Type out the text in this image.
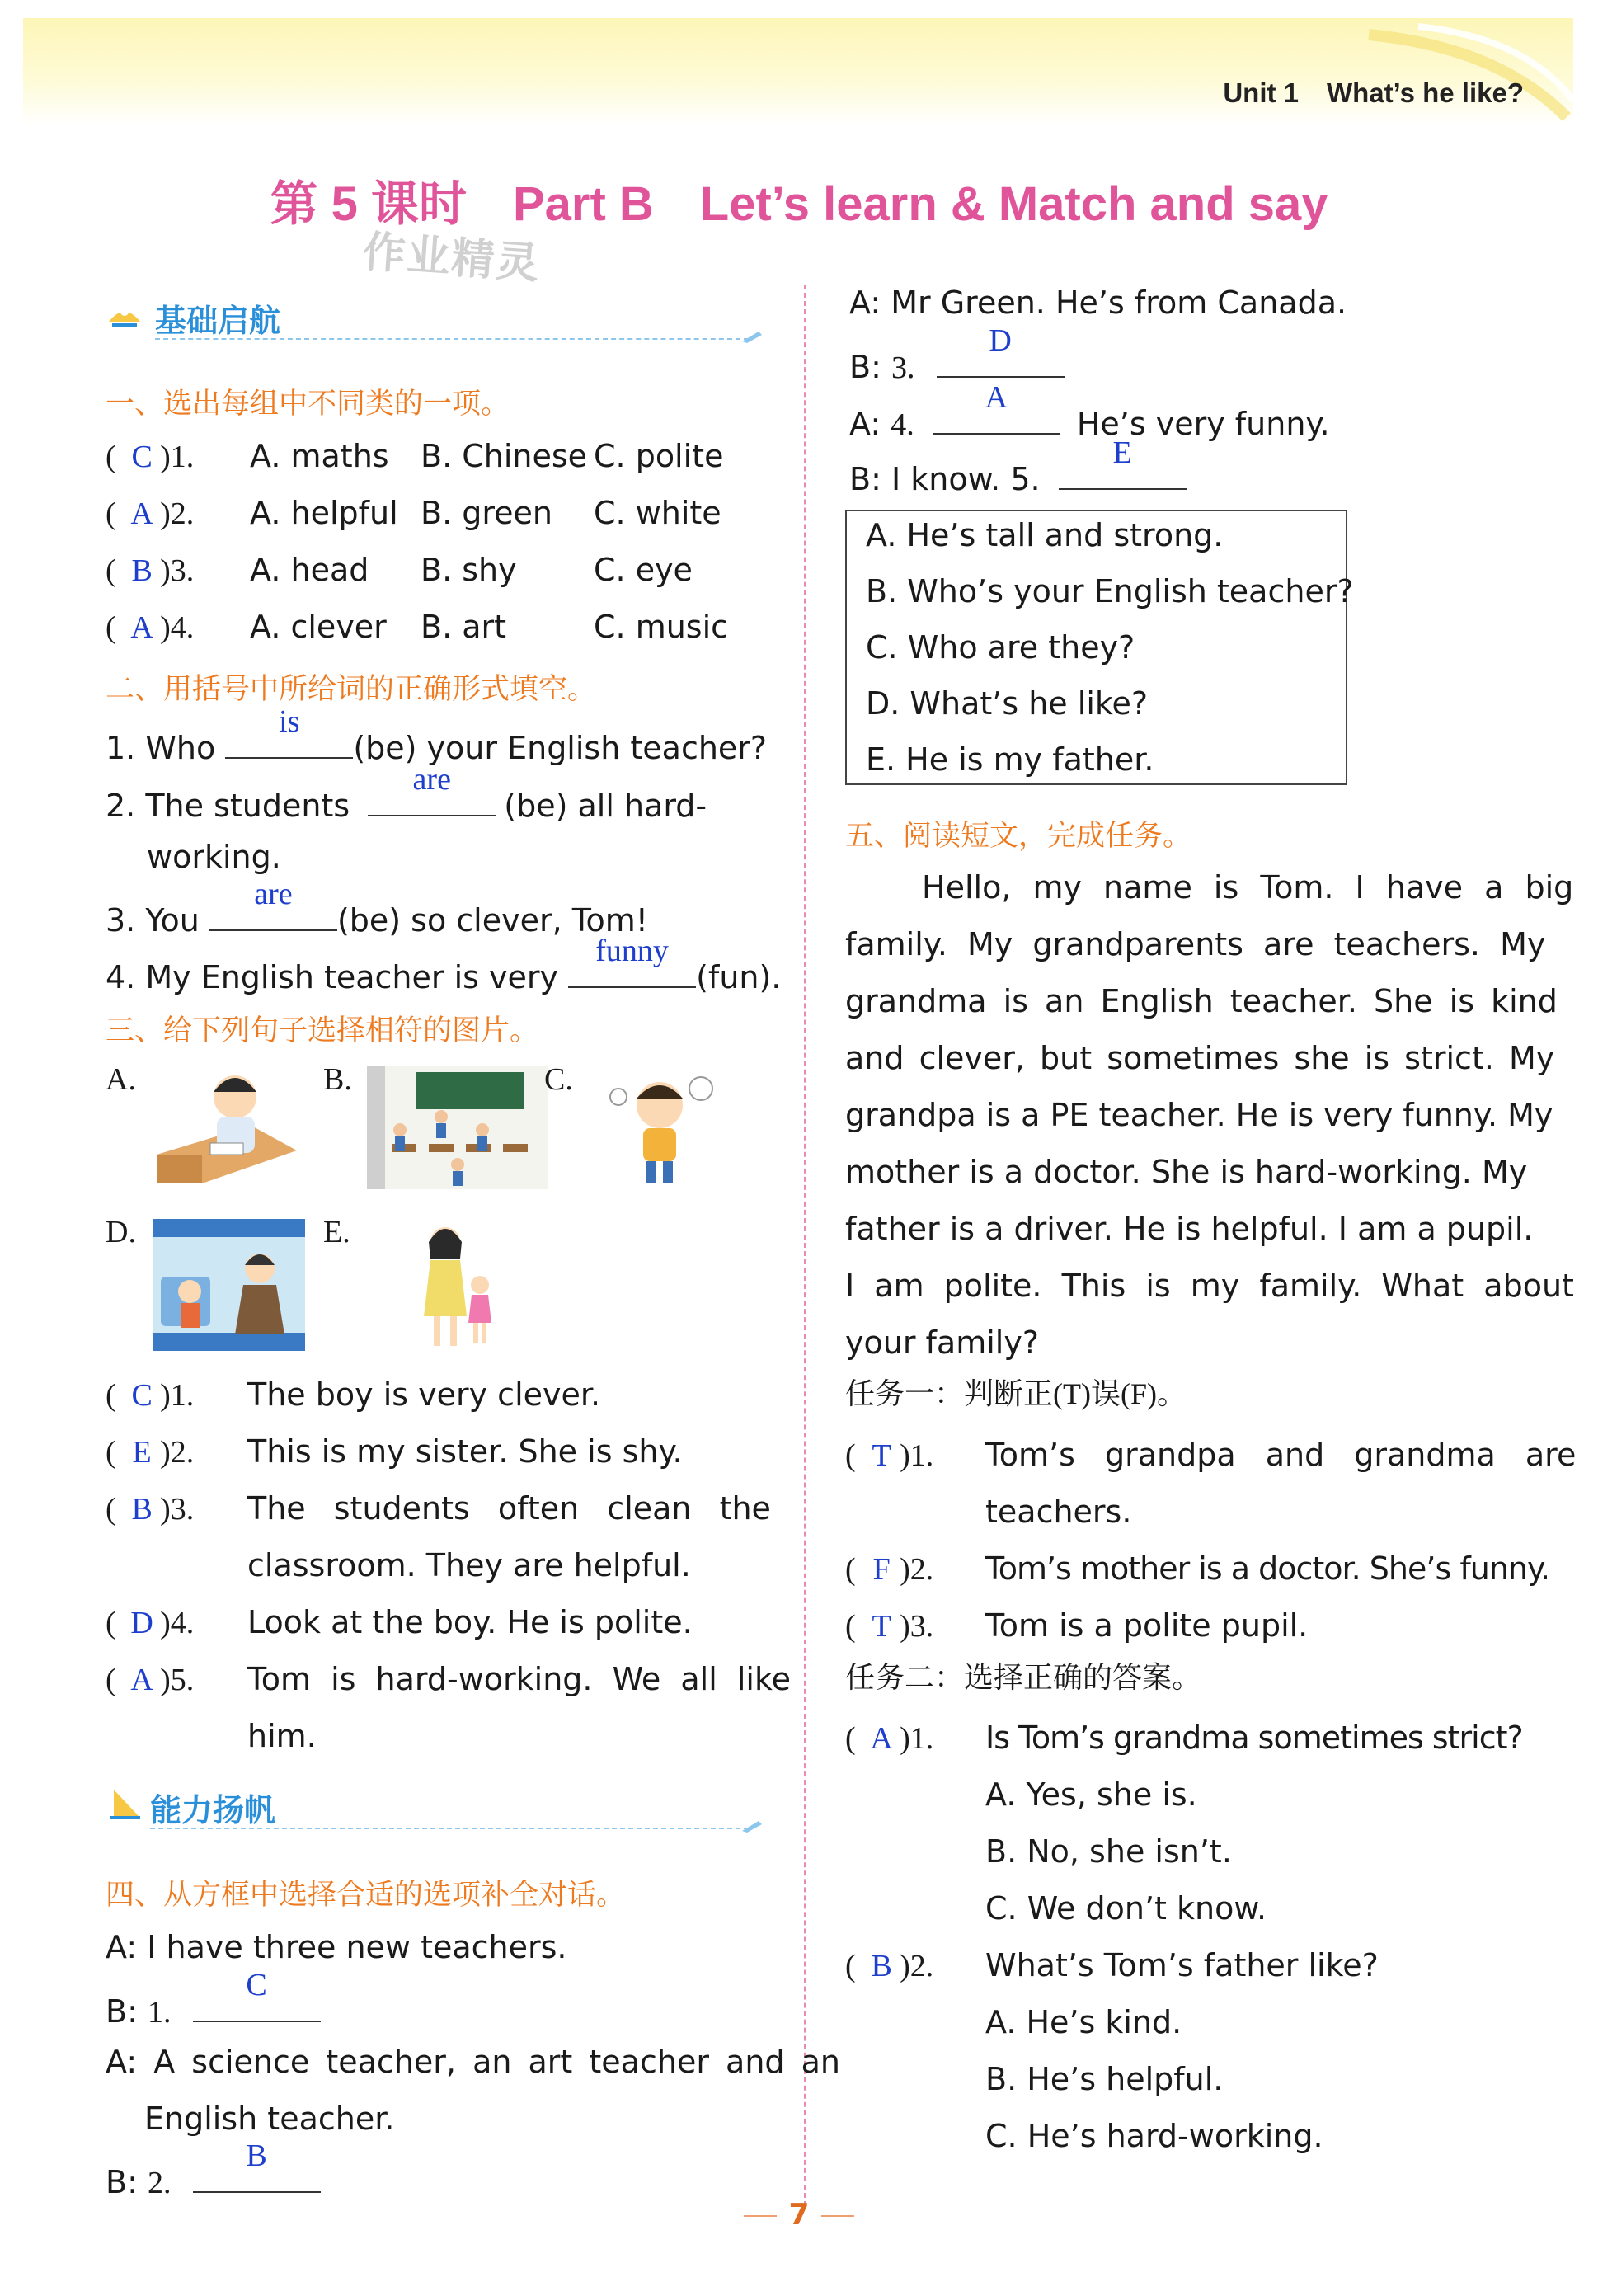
Unit 1 What’s he like?
第 5 课时 Part B Let’s learn & Match and say
作业精灵
基础启航
一、选出每组中不同类的一项。
( C )1. A. maths B. Chinese C. polite
( A )2. A. helpful B. green C. white
( B )3. A. head B. shy C. eye
( A )4. A. clever B. art	C. music
二、用括号中所给词的正确形式填空。
1. Who
is
(be) your English teacher?
2. The students
are
(be) all hard-
working.
3. You
are
(be) so clever, Tom!
4. My English teacher is very
funny
(fun).
三、给下列句子选择相符的图片。
A.	B.	C.
D.	E.
( C )1. The boy is very clever.
( E )2. This is my sister. She is shy.
( B )3. The students often clean the
classroom. They are helpful.
( D )4. Look at the boy. He is polite.
( A )5. Tom is hard-working. We all like
him.
能力扬帆
四、从方框中选择合适的选项补全对话。
A: I have three new teachers.
B: 1.
C
A: A science teacher, an art teacher and an
English teacher.
B: 2.
B
A: Mr Green. He’s from Canada.
B: 3.
D
A: 4.
A
He’s very funny.
B: I know. 5.
E
A. He’s tall and strong.
B. Who’s your English teacher?
C. Who are they?
D. What’s he like?
E. He is my father.
五、阅读短文，完成任务。
Hello, my name is Tom. I have a big
family. My grandparents are teachers. My
grandma is an English teacher. She is kind
and clever, but sometimes she is strict. My
grandpa is a PE teacher. He is very funny. My
mother is a doctor. She is hard-working. My
father is a driver. He is helpful. I am a pupil.
I am polite. This is my family. What about
your family?
任务一：判断正(T)误(F)。
( T )1. Tom’s grandpa and grandma are
teachers.
( F )2. Tom’s mother is a doctor. She’s funny.
( T )3. Tom is a polite pupil.
任务二：选择正确的答案。
( A )1. Is Tom’s grandma sometimes strict?
A. Yes, she is.
B. No, she isn’t.
C. We don’t know.
( B )2. What’s Tom’s father like?
A. He’s kind.
B. He’s helpful.
C. He’s hard-working.
7
